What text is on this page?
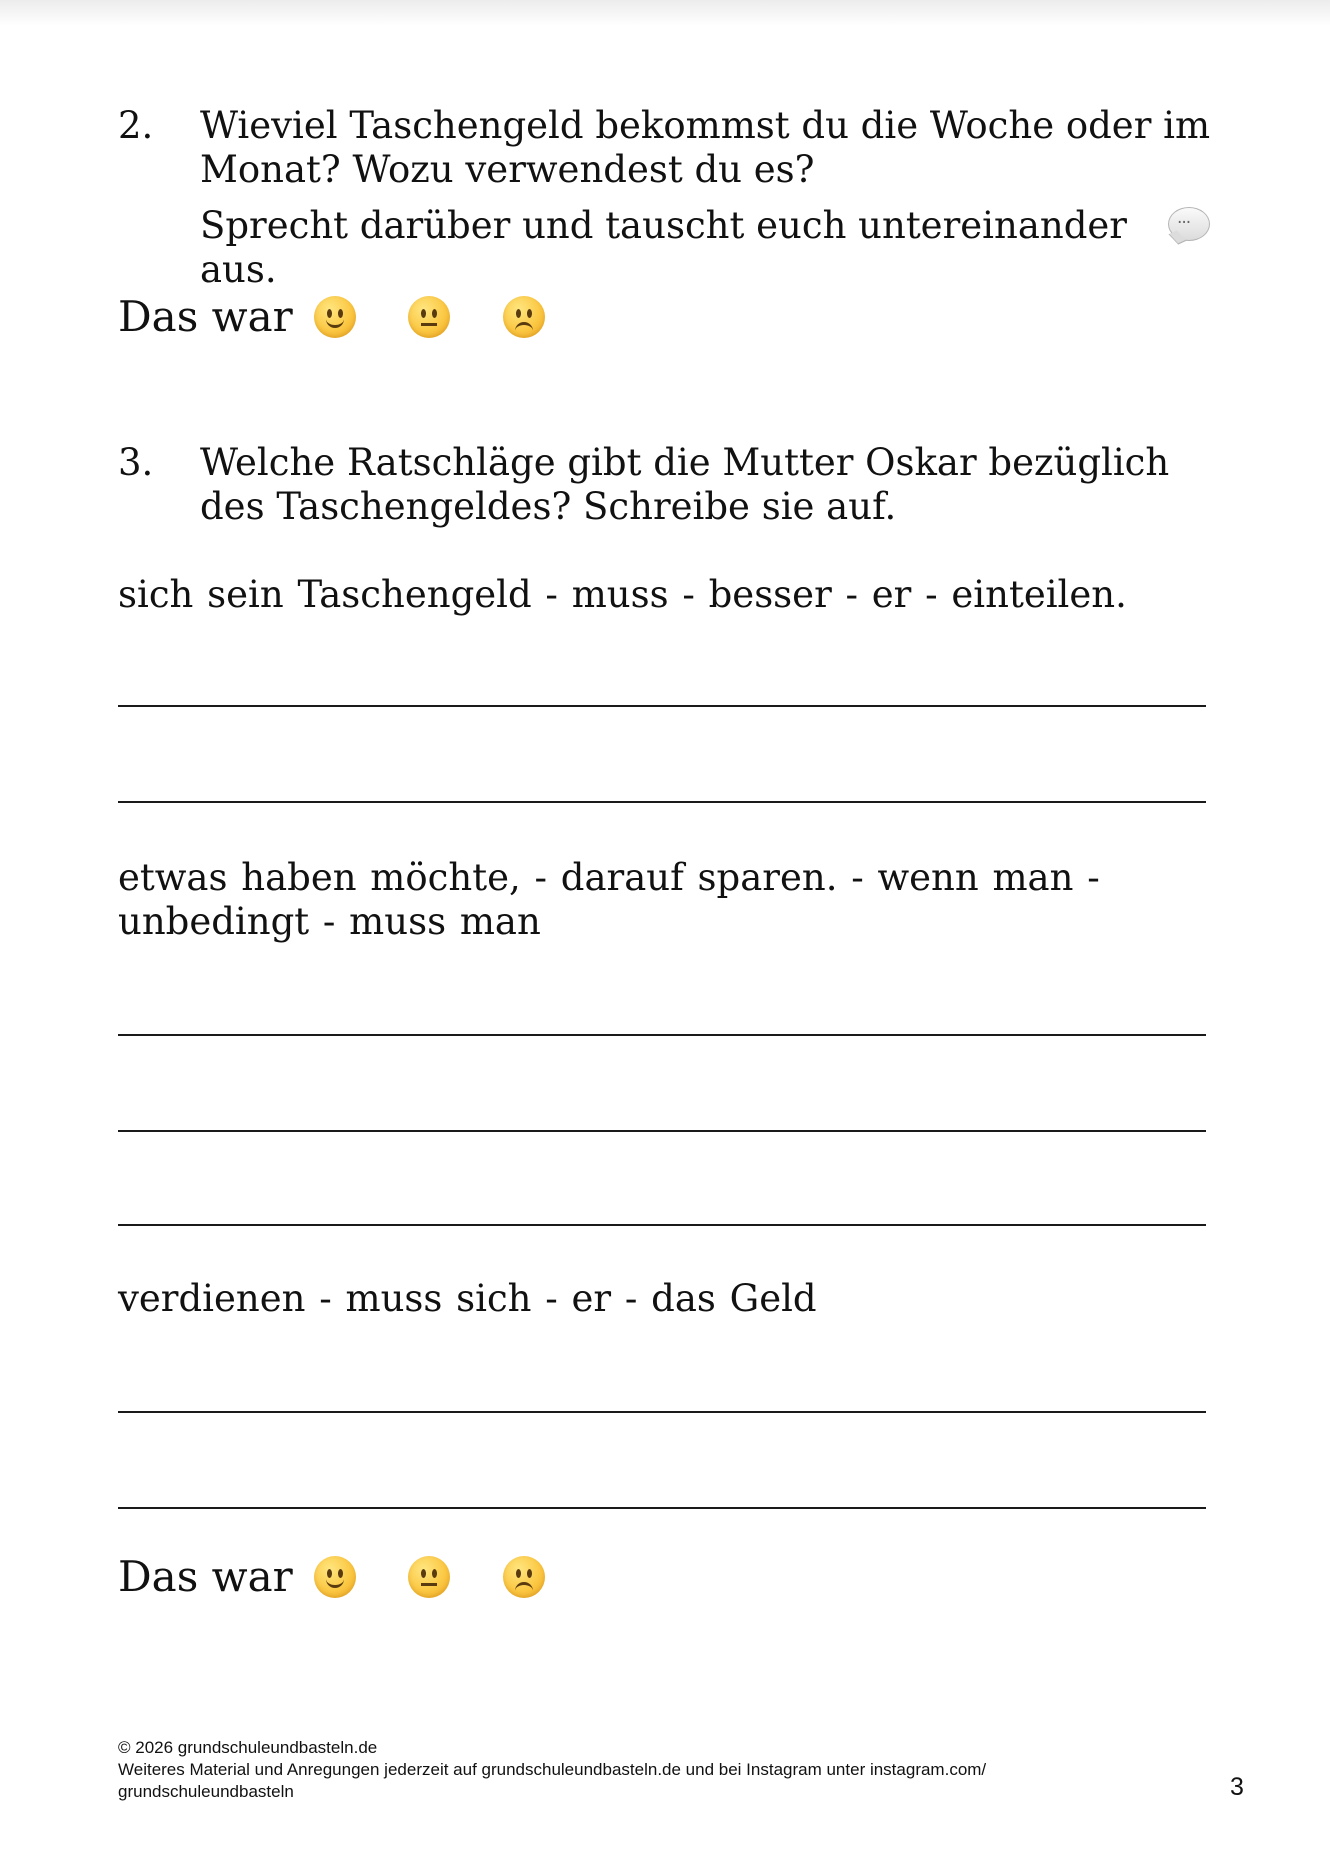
2. Wieviel Taschengeld bekommst du die Woche oder im Monat? Wozu verwendest du es?
Sprecht darüber und tauscht euch untereinander aus.
···
Das war
3. Welche Ratschläge gibt die Mutter Oskar bezüglich des Taschengeldes? Schreibe sie auf.
sich sein Taschengeld - muss - besser - er - einteilen.
etwas haben möchte, - darauf sparen. - wenn man - unbedingt - muss man
verdienen - muss sich - er - das Geld
Das war
© 2026 grundschuleundbasteln.de
Weiteres Material und Anregungen jederzeit auf grundschuleundbasteln.de und bei Instagram unter instagram.com/ grundschuleundbasteln	3
